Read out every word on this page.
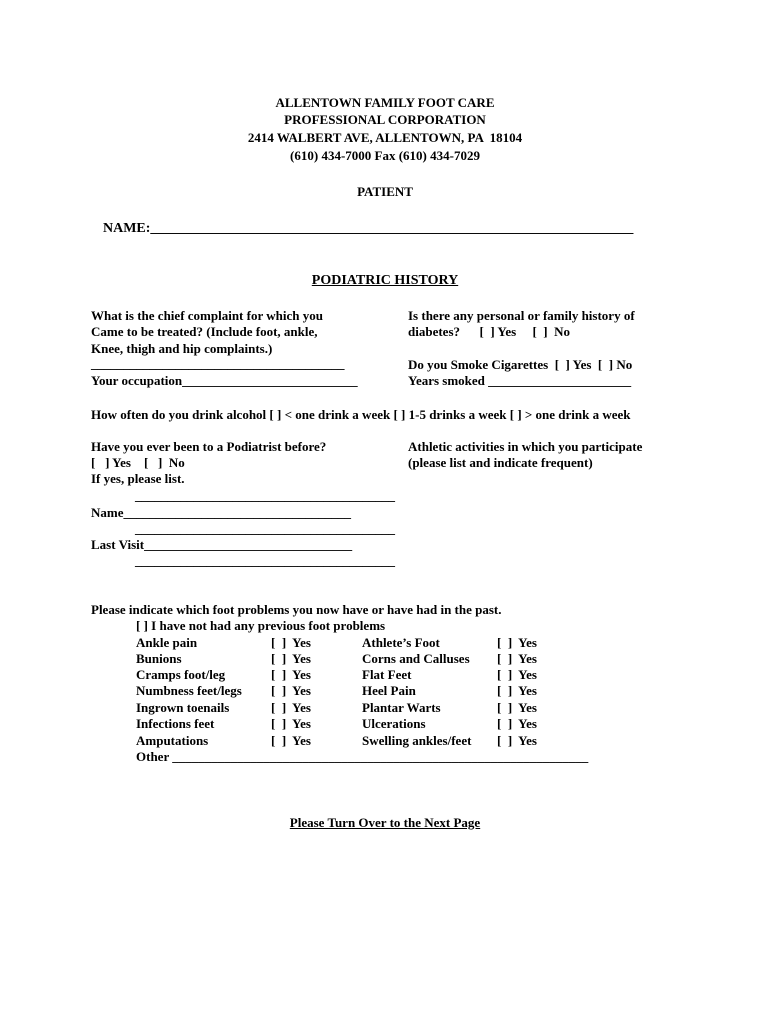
ALLENTOWN FAMILY FOOT CARE
PROFESSIONAL CORPORATION
2414 WALBERT AVE, ALLENTOWN, PA  18104
(610) 434-7000 Fax (610) 434-7029
PATIENT
NAME:_____________________________________________________________________
PODIATRIC HISTORY
What is the chief complaint for which you
Came to be treated? (Include foot, ankle,
Knee, thigh and hip complaints.)
_______________________________________
Your occupation___________________________
Is there any personal or family history of
diabetes?      [  ] Yes     [  ]  No
Do you Smoke Cigarettes  [  ] Yes  [  ] No
Years smoked ______________________
How often do you drink alcohol [ ] < one drink a week [ ] 1-5 drinks a week [ ] > one drink a week
Have you ever been to a Podiatrist before?
[   ] Yes    [   ]  No
If yes, please list.
________________________________________
Name___________________________________
________________________________________
Last Visit________________________________
________________________________________
Athletic activities in which you participate
(please list and indicate frequent)
Please indicate which foot problems you now have or have had in the past.
[ ] I have not had any previous foot problems
Ankle pain	[  ]  Yes	Athlete’s Foot	[  ]  Yes
Bunions	[  ]  Yes	Corns and Calluses [  ]  Yes
Cramps foot/leg	[  ]  Yes	Flat Feet	[  ]  Yes
Numbness feet/legs [  ]  Yes	Heel Pain	[  ]  Yes
Ingrown toenails	[  ]  Yes	Plantar Warts	[  ]  Yes
Infections feet	[  ]  Yes	Ulcerations	[  ]  Yes
Amputations	[  ]  Yes	Swelling ankles/feet [  ]  Yes
Other ________________________________________________________________
Please Turn Over to the Next Page
